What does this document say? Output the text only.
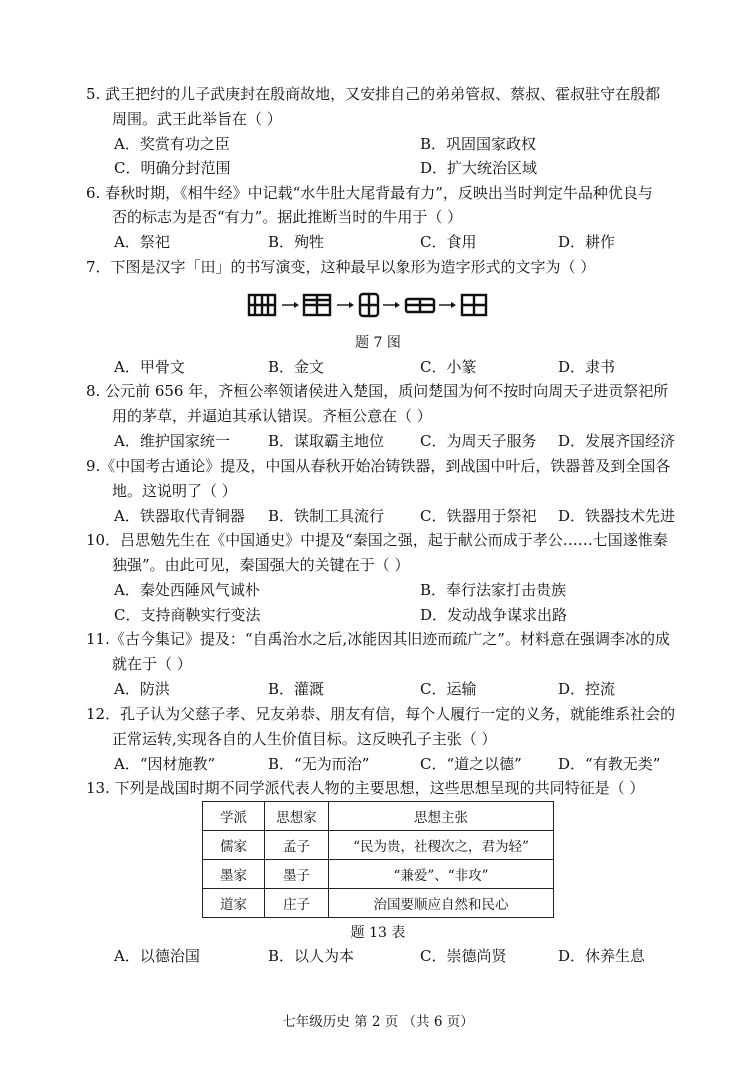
5. 武王把纣的儿子武庚封在殷商故地，又安排自己的弟弟管叔、蔡叔、霍叔驻守在殷都
周围。武王此举旨在（ ）
A．奖赏有功之臣	B．巩固国家政权
C．明确分封范围	D．扩大统治区域
6. 春秋时期，《相牛经》中记载“水牛肚大尾背最有力”，反映出当时判定牛品种优良与
否的标志为是否“有力”。据此推断当时的牛用于（ ）
A．祭祀	B．殉牲	C．食用	D．耕作
7．下图是汉字「田」的书写演变，这种最早以象形为造字形式的文字为（ ）
题 7 图
A．甲骨文	B．金文	C．小篆	D．隶书
8. 公元前 656 年，齐桓公率领诸侯进入楚国，质问楚国为何不按时向周天子进贡祭祀所
用的茅草，并逼迫其承认错误。齐桓公意在（ ）
A．维护国家统一	B．谋取霸主地位 C．为周天子服务 D．发展齐国经济
9.《中国考古通论》提及，中国从春秋开始冶铸铁器，到战国中叶后，铁器普及到全国各
地。这说明了（ ）
A．铁器取代青铜器 B．铁制工具流行 C．铁器用于祭祀 D．铁器技术先进
10．吕思勉先生在《中国通史》中提及“秦国之强，起于献公而成于孝公……七国遂惟秦
独强”。由此可见，秦国强大的关键在于（ ）
A．秦处西陲风气诚朴	B．奉行法家打击贵族
C．支持商鞅实行变法	D．发动战争谋求出路
11.《古今集记》提及：“自禹治水之后,冰能因其旧迹而疏广之”。材料意在强调李冰的成
就在于（ ）
A．防洪	B．灌溉	C．运输	D．控流
12．孔子认为父慈子孝、兄友弟恭、朋友有信，每个人履行一定的义务，就能维系社会的
正常运转,实现各自的人生价值目标。这反映孔子主张（ ）
A．“因材施教”	B．“无为而治”	C．“道之以德” D．“有教无类”
13. 下列是战国时期不同学派代表人物的主要思想，这些思想呈现的共同特征是（ ）
学派	思想家	思想主张
儒家	孟子	“民为贵，社稷次之，君为轻”
墨家	墨子	“兼爱”、“非攻”
道家	庄子	治国要顺应自然和民心
题 13 表
A．以德治国	B．以人为本	C．崇德尚贤	D．休养生息
七年级历史 第 2 页 （共 6 页）
